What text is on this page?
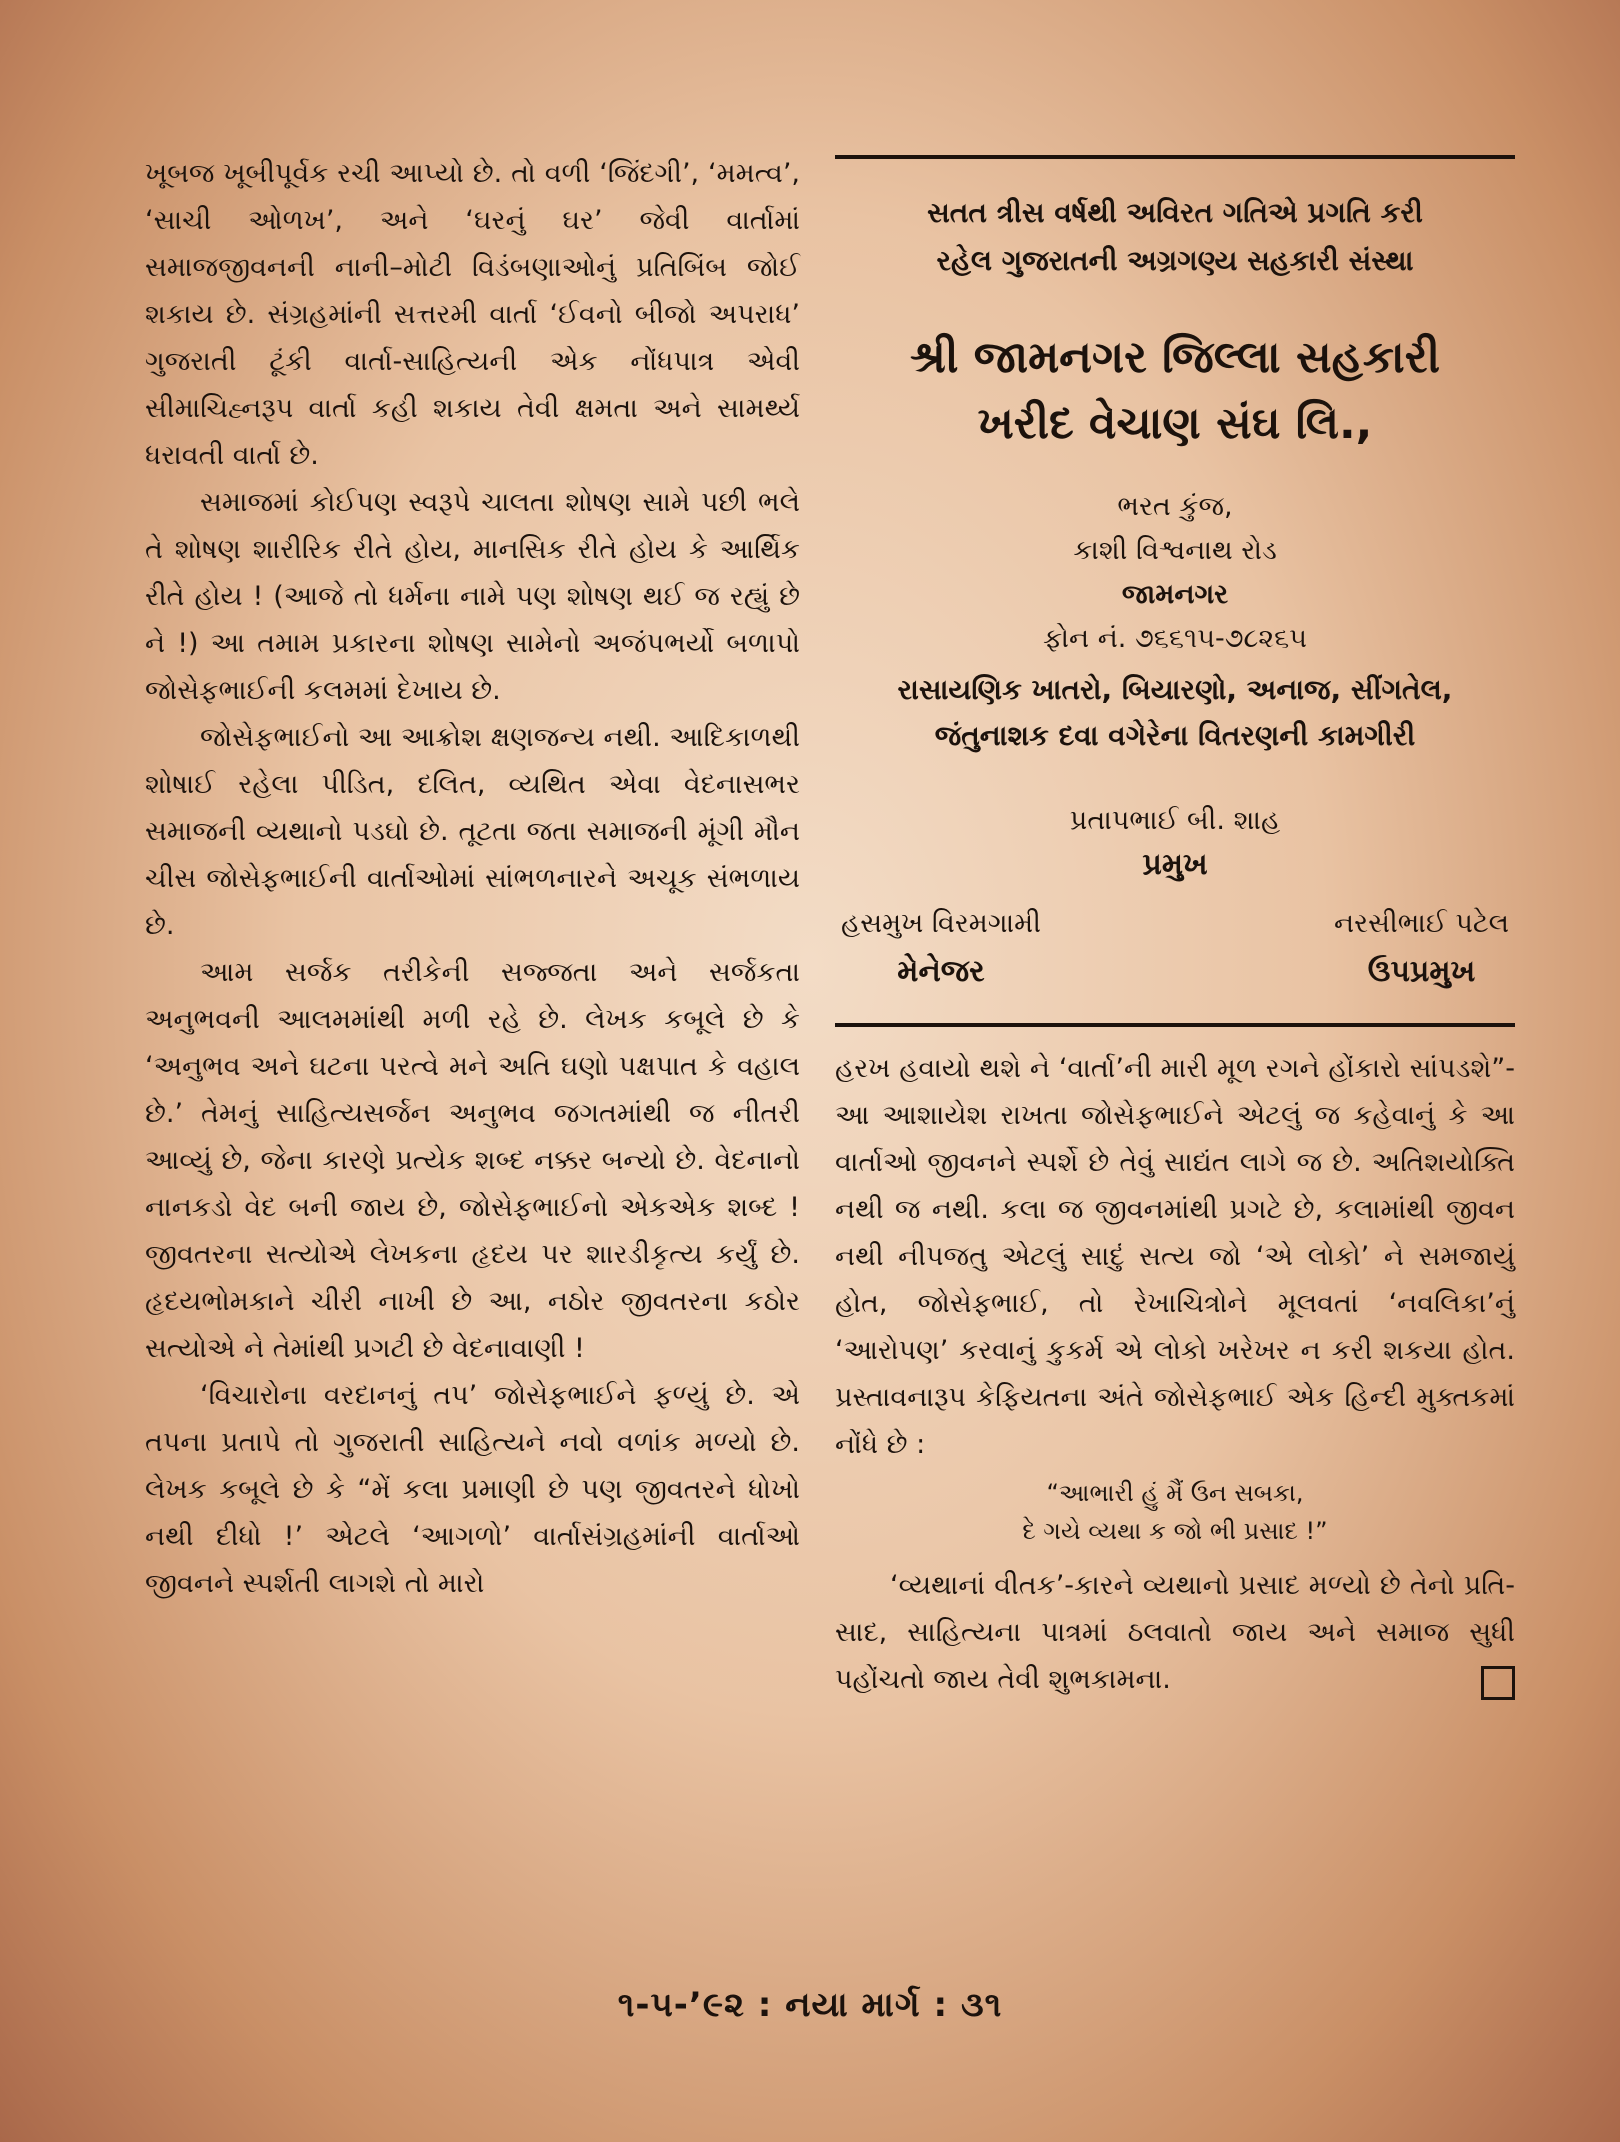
ખૂબજ ખૂબીપૂર્વક રચી આપ્યો છે. તો વળી ‘જિંદગી’, ‘મમત્વ’, ‘સાચી ઓળખ’, અને ‘ઘરનું ઘર’ જેવી વાર્તામાં સમાજજીવનની નાની–મોટી વિડંબણાઓનું પ્રતિબિંબ જોઈ શકાય છે. સંગ્રહમાંની સત્તરમી વાર્તા ‘ઈવનો બીજો અપરાધ’ ગુજરાતી ટૂંકી વાર્તા-સાહિત્યની એક નોંધપાત્ર એવી સીમાચિહ્નરૂપ વાર્તા કહી શકાય તેવી ક્ષમતા અને સામર્થ્ય ધરાવતી વાર્તા છે.

સમાજમાં કોઈપણ સ્વરૂપે ચાલતા શોષણ સામે પછી ભલે તે શોષણ શારીરિક રીતે હોય, માનસિક રીતે હોય કે આર્થિક રીતે હોય ! (આજે તો ધર્મના નામે પણ શોષણ થઈ જ રહ્યું છે ને !) આ તમામ પ્રકારના શોષણ સામેનો અજંપભર્યો બળાપો જોસેફભાઈની કલમમાં દેખાય છે.

જોસેફભાઈનો આ આક્રોશ ક્ષણજન્ય નથી. આદિકાળથી શોષાઈ રહેલા પીડિત, દલિત, વ્યથિત એવા વેદનાસભર સમાજની વ્યથાનો પડઘો છે. તૂટતા જતા સમાજની મૂંગી મૌન ચીસ જોસેફભાઈની વાર્તાઓમાં સાંભળનારને અચૂક સંભળાય છે.

આમ સર્જક તરીકેની સજ્જતા અને સર્જકતા અનુભવની આલમમાંથી મળી રહે છે. લેખક કબૂલે છે કે ‘અનુભવ અને ઘટના પરત્વે મને અતિ ઘણો પક્ષપાત કે વહાલ છે.’ તેમનું સાહિત્યસર્જન અનુભવ જગતમાંથી જ નીતરી આવ્યું છે, જેના કારણે પ્રત્યેક શબ્દ નક્કર બન્યો છે. વેદનાનો નાનકડો વેદ બની જાય છે, જોસેફભાઈનો એકએક શબ્દ ! જીવતરના સત્યોએ લેખકના હૃદય પર શારડીકૃત્ય કર્યું છે. હૃદયભોમકાને ચીરી નાખી છે આ, નઠોર જીવતરના કઠોર સત્યોએ ને તેમાંથી પ્રગટી છે વેદનાવાણી !

‘વિચારોના વરદાનનું તપ’ જોસેફભાઈને ફળ્યું છે. એ તપના પ્રતાપે તો ગુજરાતી સાહિત્યને નવો વળાંક મળ્યો છે. લેખક કબૂલે છે કે “મેં કલા પ્રમાણી છે પણ જીવતરને ધોખો નથી દીધો !’ એટલે ‘આગળો’ વાર્તાસંગ્રહમાંની વાર્તાઓ જીવનને સ્પર્શતી લાગશે તો મારો

સતત ત્રીસ વર્ષથી અવિરત ગતિએ પ્રગતિ કરી

રહેલ ગુજરાતની અગ્રગણ્ય સહકારી સંસ્થા

શ્રી જામનગર જિલ્લા સહકારી
ખરીદ વેચાણ સંઘ લિ.,

ભરત કુંજ,

કાશી વિશ્વનાથ રોડ

જામનગર

ફોન નં. ૭૬૬૧૫-૭૮૨૬૫

રાસાયણિક ખાતરો, બિયારણો, અનાજ, સીંગતેલ,

જંતુનાશક દવા વગેરેના વિતરણની કામગીરી

પ્રતાપભાઈ બી. શાહ

પ્રમુખ

હસમુખ વિરમગામી
મેનેજર
નરસીભાઈ પટેલ
ઉપપ્રમુખ

હરખ હવાયો થશે ને ‘વાર્તા’ની મારી મૂળ રગને હોંકારો સાંપડશે”-આ આશાયેશ રાખતા જોસેફભાઈને એટલું જ કહેવાનું કે આ વાર્તાઓ જીવનને સ્પર્શે છે તેવું સાદ્યંત લાગે જ છે. અતિશયોક્તિ નથી જ નથી. કલા જ જીવનમાંથી પ્રગટે છે, કલામાંથી જીવન નથી નીપજતુ એટલું સાદું સત્ય જો ‘એ લોકો’ ને સમજાયું હોત, જોસેફભાઈ, તો રેખાચિત્રોને મૂલવતાં ‘નવલિકા’નું ‘આરોપણ’ કરવાનું કુકર્મ એ લોકો ખરેખર ન કરી શકયા હોત. પ્રસ્તાવનારૂપ કેફિયતના અંતે જોસેફભાઈ એક હિન્દી મુક્તકમાં નોંધે છે :

“આભારી હું મૈં ઉન સબકા,
દે ગયે વ્યથા ક જો ભી પ્રસાદ !”

‘વ્યથાનાં વીતક’-કારને વ્યથાનો પ્રસાદ મળ્યો છે તેનો પ્રતિ-સાદ, સાહિત્યના પાત્રમાં ઠલવાતો જાય અને સમાજ સુધી પહોંચતો જાય તેવી શુભકામના.

૧-૫-’૯૨ : નયા માર્ગ : ૩૧
